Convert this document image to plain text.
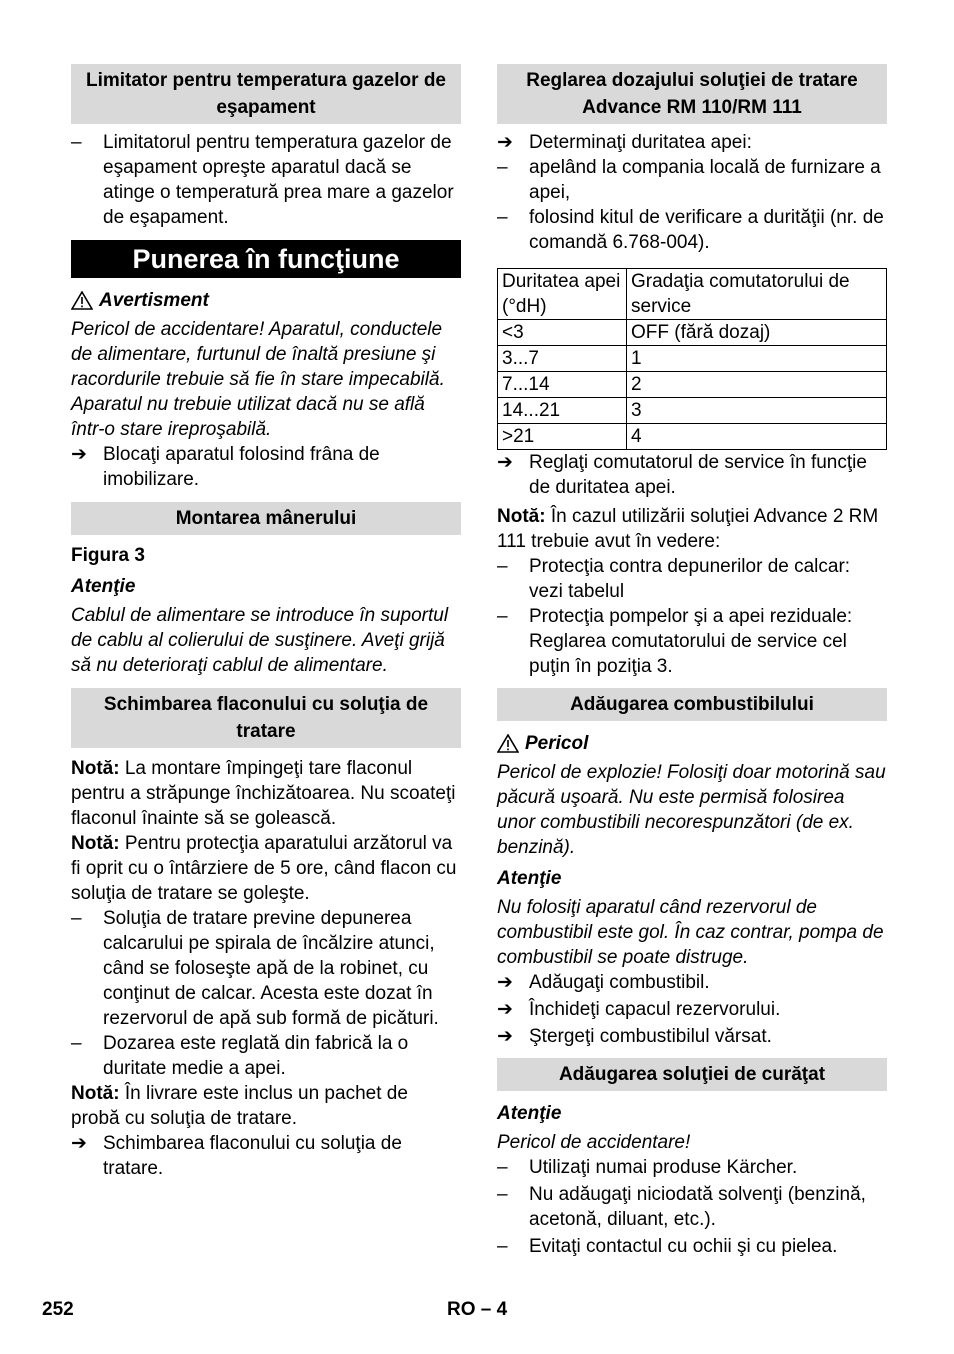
Limitator pentru temperatura gazelor de eşapament
–	Limitatorul pentru temperatura gazelor de eşapament opreşte aparatul dacă se atinge o temperatură prea mare a gazelor de eşapament.
Punerea în funcţiune
Avertisment

Pericol de accidentare! Aparatul, conductele de alimentare, furtunul de înaltă presiune şi racordurile trebuie să fie în stare impecabilă. Aparatul nu trebuie utilizat dacă nu se află într-o stare ireproşabilă.

➔ Blocaţi aparatul folosind frâna de imobilizare.
Montarea mânerului

Figura 3

Atenţie

Cablul de alimentare se introduce în suportul de cablu al colierului de susţinere. Aveţi grijă să nu deterioraţi cablul de alimentare.

Schimbarea flaconului cu soluţia de tratare

Notă: La montare împingeţi tare flaconul pentru a străpunge închizătoarea. Nu scoateţi flaconul înainte să se golească.

Notă: Pentru protecţia aparatului arzătorul va fi oprit cu o întârziere de 5 ore, când flacon cu soluţia de tratare se goleşte.

–	Soluţia de tratare previne depunerea calcarului pe spirala de încălzire atunci, când se foloseşte apă de la robinet, cu conţinut de calcar. Acesta este dozat în rezervorul de apă sub formă de picături.
–	Dozarea este reglată din fabrică la o duritate medie a apei.

Notă: În livrare este inclus un pachet de probă cu soluţia de tratare.

➔ Schimbarea flaconului cu soluţia de tratare.
Reglarea dozajului soluţiei de tratare Advance RM 110/RM 111
➔ Determinaţi duritatea apei:
–	apelând la compania locală de furnizare a apei,
–	folosind kitul de verificare a durităţii (nr. de comandă 6.768-004).
Duritatea apei (°dH)	Gradaţia comutatorului de service
<3	OFF (fără dozaj)
3...7	1
7...14	2
14...21	3
>21	4
➔ Reglaţi comutatorul de service în funcţie de duritatea apei.

Notă: În cazul utilizării soluţiei Advance 2 RM 111 trebuie avut în vedere:

–	Protecţia contra depunerilor de calcar: vezi tabelul
–	Protecţia pompelor şi a apei reziduale: Reglarea comutatorului de service cel puţin în poziţia 3.
Adăugarea combustibilului
Pericol

Pericol de explozie! Folosiţi doar motorină sau păcură uşoară. Nu este permisă folosirea unor combustibili necorespunzători (de ex. benzină).

Atenţie

Nu folosiţi aparatul când rezervorul de combustibil este gol. În caz contrar, pompa de combustibil se poate distruge.

➔ Adăugaţi combustibil.
➔ Închideţi capacul rezervorului.
➔ Ştergeţi combustibilul vărsat.
Adăugarea soluţiei de curăţat

Atenţie

Pericol de accidentare!

–	Utilizaţi numai produse Kärcher.
–	Nu adăugaţi niciodată solvenţi (benzină, acetonă, diluant, etc.).
–	Evitaţi contactul cu ochii şi cu pielea.
252	RO – 4
